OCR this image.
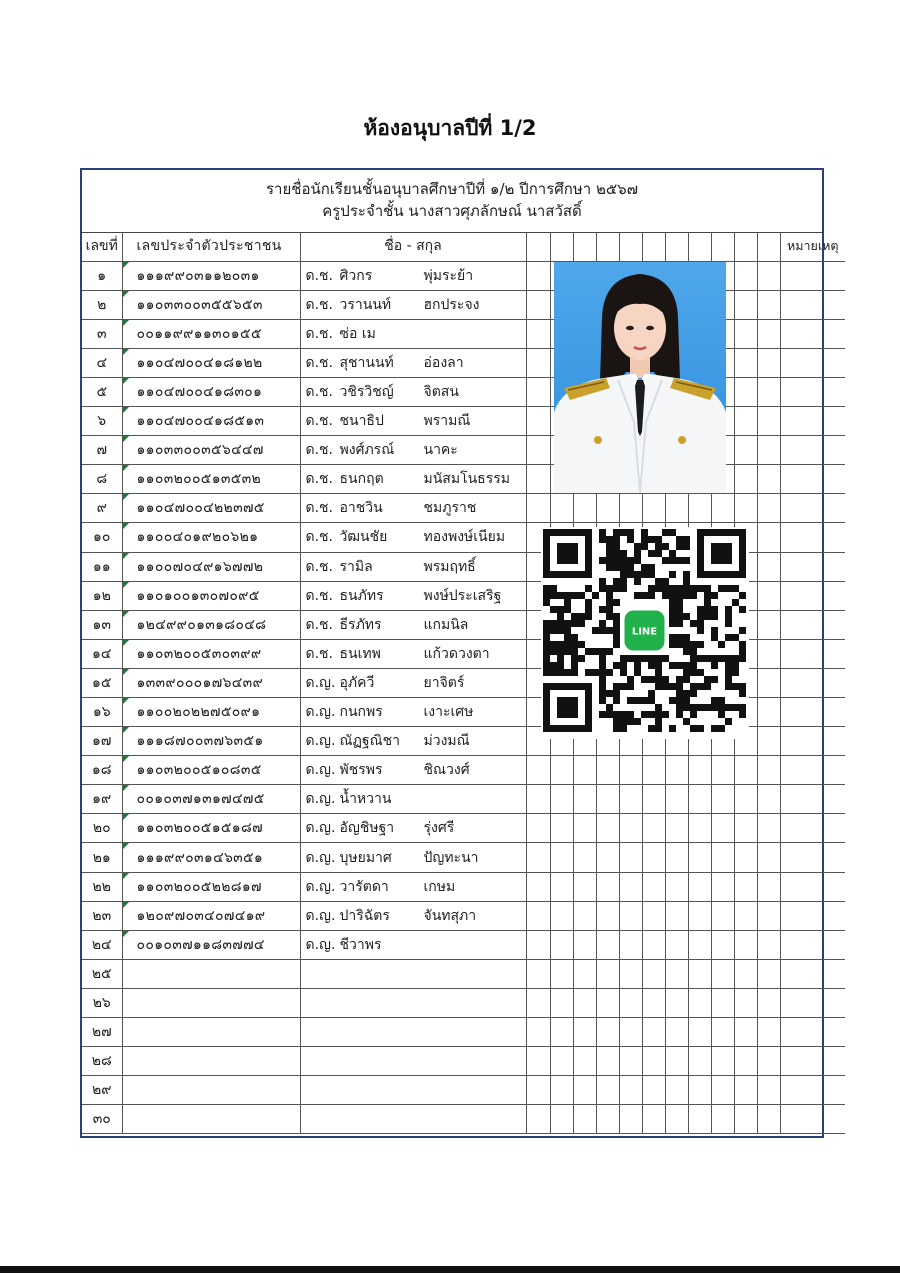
ห้องอนุบาลปีที่ 1/2
รายชื่อนักเรียนชั้นอนุบาลศึกษาปีที่ ๑/๒ ปีการศึกษา ๒๕๖๗
ครูประจำชั้น นางสาวศุภลักษณ์ นาสวัสดิ์
เลขที่	เลขประจำตัวประชาชน	ชื่อ - สกุล												หมายเหตุ
๑	๑๑๑๙๙๐๓๑๑๒๐๓๑	ด.ช. ศิวกร พุ่มระย้า												
๒	๑๑๐๓๓๐๐๓๕๕๖๕๓	ด.ช. วรานนท์ ฮกประจง												
๓	๐๐๑๑๙๙๑๑๓๐๑๕๕	ด.ช. ซ่อ เม												
๔	๑๑๐๔๗๐๐๔๑๘๑๒๒	ด.ช. สุชานนท์ อ่องลา												
๕	๑๑๐๔๗๐๐๔๑๘๓๐๑	ด.ช. วชิรวิชญ์ จิตสน												
๖	๑๑๐๔๗๐๐๔๑๘๕๑๓	ด.ช. ชนาธิป พรามณี												
๗	๑๑๐๓๓๐๐๓๕๖๔๔๗	ด.ช. พงศ์ภรณ์ นาคะ												
๘	๑๑๐๓๒๐๐๕๑๓๕๓๒	ด.ช. ธนกฤต มนัสมโนธรรม												
๙	๑๑๐๔๗๐๐๔๒๒๓๗๕	ด.ช. อาชวิน ชมภูราช												
๑๐	๑๑๐๐๔๐๑๙๒๐๖๒๑	ด.ช. วัฒนชัย ทองพงษ์เนียม												
๑๑	๑๑๐๐๗๐๔๙๑๖๗๗๒	ด.ช. รามิล พรมฤทธิ์												
๑๒	๑๑๐๑๐๐๑๓๐๗๐๙๕	ด.ช. ธนภัทร พงษ์ประเสริฐ												
๑๓	๑๒๔๙๙๐๑๓๑๘๐๔๘	ด.ช. ธีรภัทร แกมนิล												
๑๔	๑๑๐๓๒๐๐๕๓๐๓๙๙	ด.ช. ธนเทพ แก้วดวงตา												
๑๕	๑๓๓๙๐๐๐๑๗๖๔๓๙	ด.ญ. อุภัควี ยาจิตร์												
๑๖	๑๑๐๐๒๐๒๒๗๕๐๙๑	ด.ญ. กนกพร เงาะเศษ												
๑๗	๑๑๑๘๗๐๐๓๗๖๓๕๑	ด.ญ. ณัฏฐณิชา ม่วงมณี												
๑๘	๑๑๐๓๒๐๐๕๑๐๘๓๕	ด.ญ. พัชรพร ชิณวงศ์												
๑๙	๐๐๑๐๓๗๑๓๑๗๔๗๕	ด.ญ. น้ำหวาน												
๒๐	๑๑๐๓๒๐๐๕๑๕๑๘๗	ด.ญ. อัญชิษฐา รุ่งศรี												
๒๑	๑๑๑๙๙๐๓๑๔๖๓๕๑	ด.ญ. บุษยมาศ ปัญทะนา												
๒๒	๑๑๐๓๒๐๐๕๒๒๘๑๗	ด.ญ. วารัตดา เกษม												
๒๓	๑๒๐๙๗๐๓๔๐๗๔๑๙	ด.ญ. ปาริฉัตร จันทสุภา												
๒๔	๐๐๑๐๓๗๑๑๘๓๗๗๔	ด.ญ. ชีวาพร												
๒๕														
๒๖														
๒๗														
๒๘														
๒๙														
๓๐														
LINE
